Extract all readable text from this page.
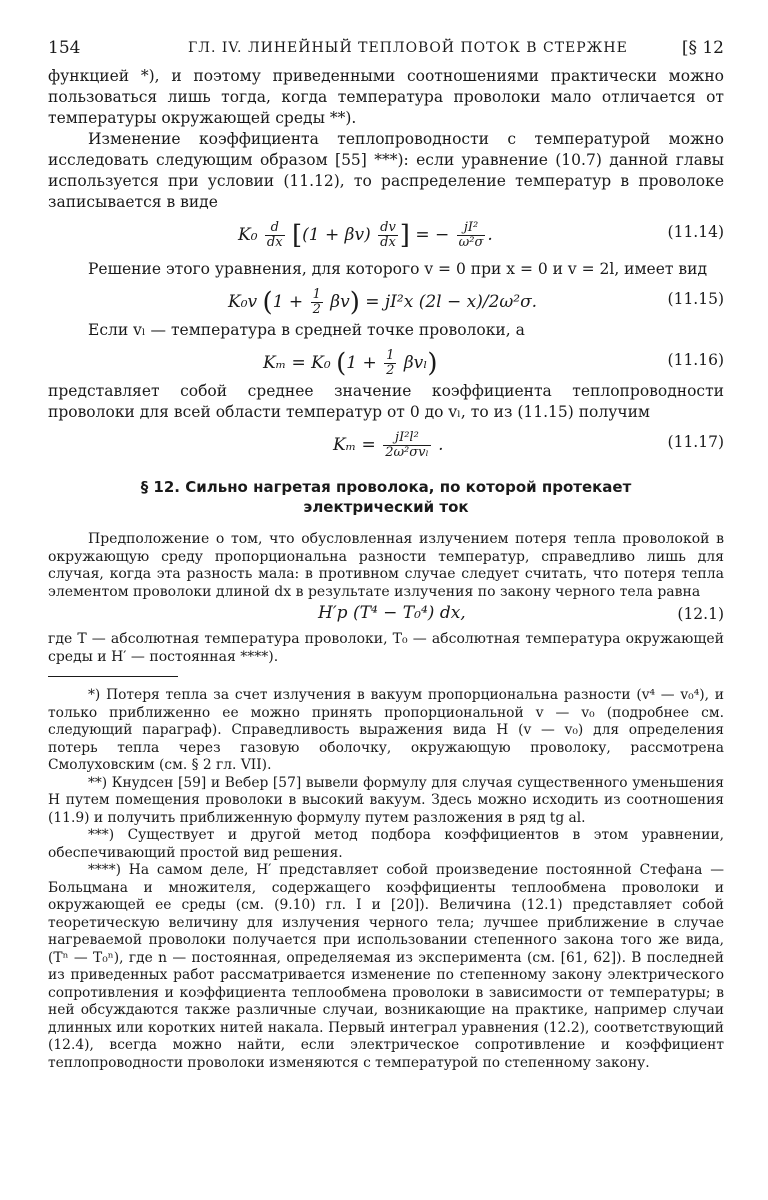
154	ГЛ. IV. ЛИНЕЙНЫЙ ТЕПЛОВОЙ ПОТОК В СТЕРЖНЕ	[§ 12

функцией *), и поэтому приведенными соотношениями практически можно пользоваться лишь тогда, когда температура проволоки мало отличается от температуры окружающей среды **).

Изменение коэффициента теплопроводности с температурой можно исследовать следующим образом [55] ***): если уравнение (10.7) данной главы используется при условии (11.12), то распределение температур в проволоке записывается в виде

$K_0 \frac{d}{dx} [(1 + \beta v) \frac{dv}{dx}$ ] = − $\frac{\text{jI²}}{\text{ω²σ}}$ .	(11.14)

Решение этого уравнения, для которого v = 0 при x = 0 и v = 2l, имеет вид

K₀v $(1 + \frac{1}{2} \beta v) = jI^2x$ (2l − x)/2ω²σ.	(11.15)

Если vₗ — температура в средней точке проволоки, а

Kₘ = K₀ $(1 + \frac{1}{2} \beta v_l)$	(11.16)

представляет собой среднее значение коэффициента теплопроводности проволоки для всей области температур от 0 до vₗ, то из (11.15) получим

$K_m = \frac{\text{jI²l²}}{\text{2ω²σvₗ}}$ .	(11.17)
§ 12. Сильно нагретая проволока, по которой протекает
электрический ток

Предположение о том, что обусловленная излучением потеря тепла проволокой в окружающую среду пропорциональна разности температур, справедливо лишь для случая, когда эта разность мала: в противном случае следует считать, что потеря тепла элементом проволоки длиной dx в результате излучения по закону черного тела равна

H′p (T⁴ − T₀⁴) dx,	(12.1)

где T — абсолютная температура проволоки, T₀ — абсолютная температура окружающей среды и H′ — постоянная ****).

*) Потеря тепла за счет излучения в вакуум пропорциональна разности (v⁴ — v₀⁴), и только приближенно ее можно принять пропорциональной v — v₀ (подробнее см. следующий параграф). Справедливость выражения вида H (v — v₀) для определения потерь тепла через газовую оболочку, окружающую проволоку, рассмотрена Смолуховским (см. § 2 гл. VII).

**) Кнудсен [59] и Вебер [57] вывели формулу для случая существенного уменьшения H путем помещения проволоки в высокий вакуум. Здесь можно исходить из соотношения (11.9) и получить приближенную формулу путем разложения в ряд tg al.

***) Существует и другой метод подбора коэффициентов в этом уравнении, обеспечивающий простой вид решения.

****) На самом деле, H′ представляет собой произведение постоянной Стефана — Больцмана и множителя, содержащего коэффициенты теплообмена проволоки и окружающей ее среды (см. (9.10) гл. I и [20]). Величина (12.1) представляет собой теоретическую величину для излучения черного тела; лучшее приближение в случае нагреваемой проволоки получается при использовании степенного закона того же вида, (Tⁿ — T₀ⁿ), где n — постоянная, определяемая из эксперимента (см. [61, 62]). В последней из приведенных работ рассматривается изменение по степенному закону электрического сопротивления и коэффициента теплообмена проволоки в зависимости от температуры; в ней обсуждаются также различные случаи, возникающие на практике, например случаи длинных или коротких нитей накала. Первый интеграл уравнения (12.2), соответствующий (12.4), всегда можно найти, если электрическое сопротивление и коэффициент теплопроводности проволоки изменяются с температурой по степенному закону.
